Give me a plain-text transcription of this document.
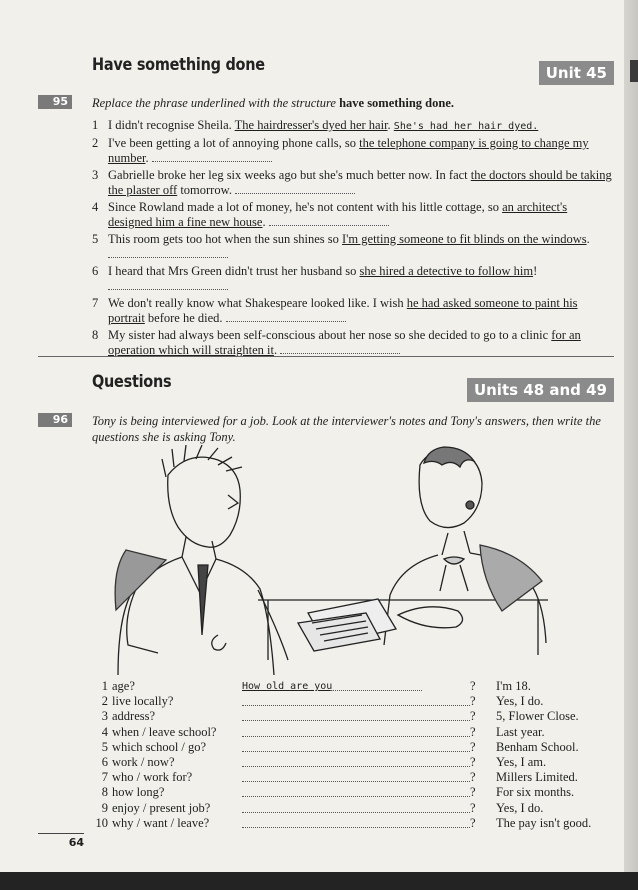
Have something done	Unit 45
95	Replace the phrase underlined with the structure have something done.
1 I didn't recognise Sheila. The hairdresser's dyed her hair. She's had her hair dyed.
2 I've been getting a lot of annoying phone calls, so the telephone company is going to change my number.
3 Gabrielle broke her leg six weeks ago but she's much better now. In fact the doctors should be taking the plaster off tomorrow.
4 Since Rowland made a lot of money, he's not content with his little cottage, so an architect's designed him a fine new house.
5 This room gets too hot when the sun shines so I'm getting someone to fit blinds on the windows.
6 I heard that Mrs Green didn't trust her husband so she hired a detective to follow him!
7 We don't really know what Shakespeare looked like. I wish he had asked someone to paint his portrait before he died.
8 My sister had always been self-conscious about her nose so she decided to go to a clinic for an operation which will straighten it.
Questions	Units 48 and 49
96	Tony is being interviewed for a job. Look at the interviewer's notes and Tony's answers, then write the questions she is asking Tony.
1 age?	How old are you	? I'm 18.
2 live locally?	? Yes, I do.
3 address?	? 5, Flower Close.
4 when / leave school?	? Last year.
5 which school / go?	? Benham School.
6 work / now?	? Yes, I am.
7 who / work for?	? Millers Limited.
8 how long?	? For six months.
9 enjoy / present job?	? Yes, I do.
10 why / want / leave?	? The pay isn't good.
64
